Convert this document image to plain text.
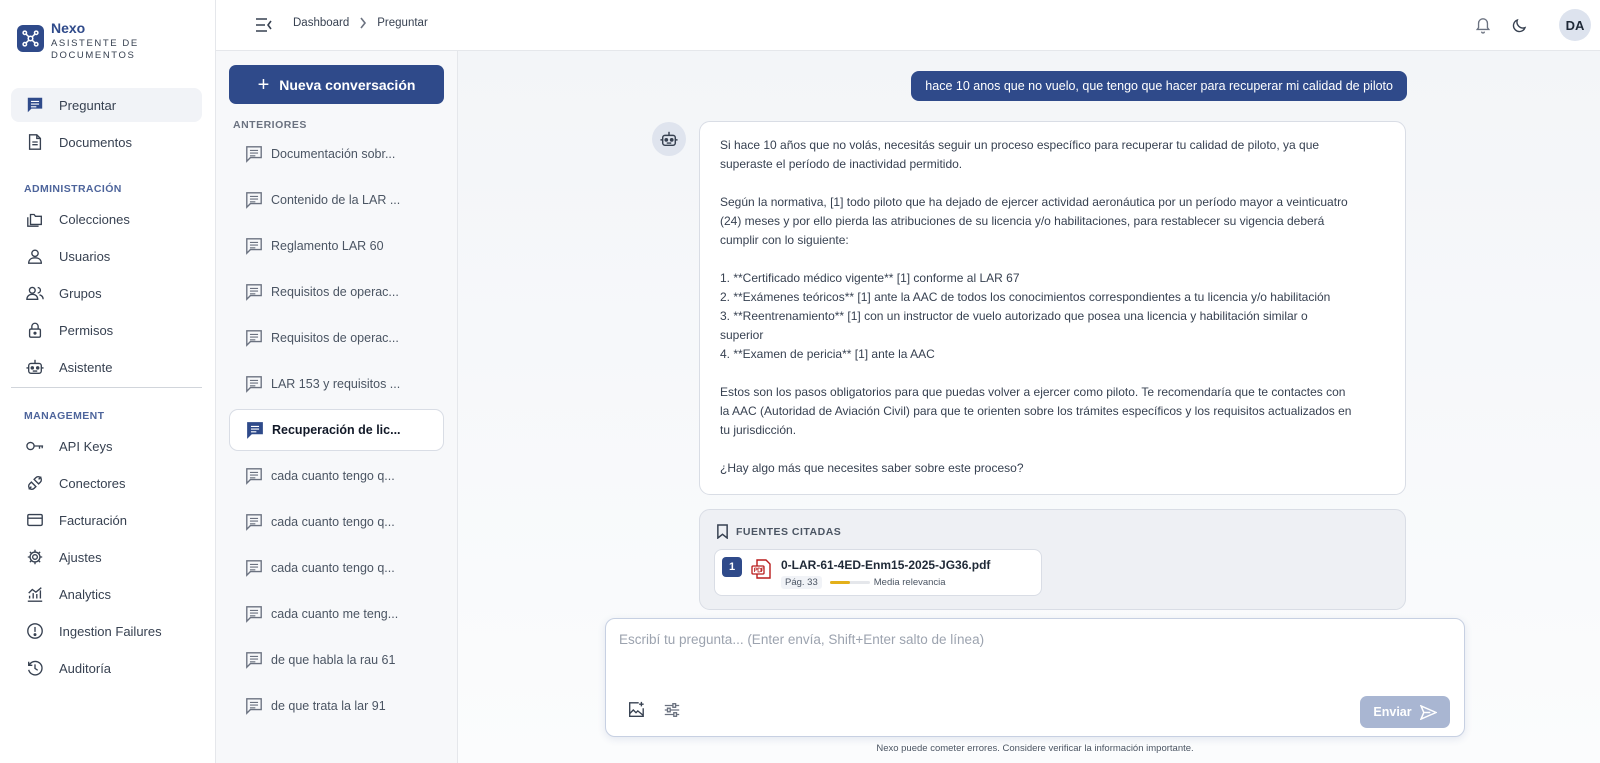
Nexo
ASISTENTE DE
DOCUMENTOS
Preguntar
Documentos
ADMINISTRACIÓN
Colecciones
Usuarios
Grupos
Permisos
Asistente
MANAGEMENT
API Keys
Conectores
Facturación
Ajustes
Analytics
Ingestion Failures
Auditoría
Dashboard Preguntar	DA
+ Nueva conversación
ANTERIORES
Documentación sobr...
Contenido de la LAR ...
Reglamento LAR 60
Requisitos de operac...
Requisitos de operac...
LAR 153 y requisitos ...
Recuperación de lic...
cada cuanto tengo q...
cada cuanto tengo q...
cada cuanto tengo q...
cada cuanto me teng...
de que habla la rau 61
de que trata la lar 91
hace 10 anos que no vuelo, que tengo que hacer para recuperar mi calidad de piloto

Si hace 10 años que no volás, necesitás seguir un proceso específico para recuperar tu calidad de piloto, ya que

superaste el período de inactividad permitido.

Según la normativa, [1] todo piloto que ha dejado de ejercer actividad aeronáutica por un período mayor a veinticuatro

(24) meses y por ello pierda las atribuciones de su licencia y/o habilitaciones, para restablecer su vigencia deberá

cumplir con lo siguiente:

1. **Certificado médico vigente** [1] conforme al LAR 67

2. **Exámenes teóricos** [1] ante la AAC de todos los conocimientos correspondientes a tu licencia y/o habilitación

3. **Reentrenamiento** [1] con un instructor de vuelo autorizado que posea una licencia y habilitación similar o

superior

4. **Examen de pericia** [1] ante la AAC

Estos son los pasos obligatorios para que puedas volver a ejercer como piloto. Te recomendaría que te contactes con

la AAC (Autoridad de Aviación Civil) para que te orienten sobre los trámites específicos y los requisitos actualizados en

tu jurisdicción.

¿Hay algo más que necesites saber sobre este proceso?

FUENTES CITADAS
1	0-LAR-61-4ED-Enm15-2025-JG36.pdf
Pág. 33	Media relevancia
Escribí tu pregunta... (Enter envía, Shift+Enter salto de línea)
Enviar
Nexo puede cometer errores. Considere verificar la información importante.
